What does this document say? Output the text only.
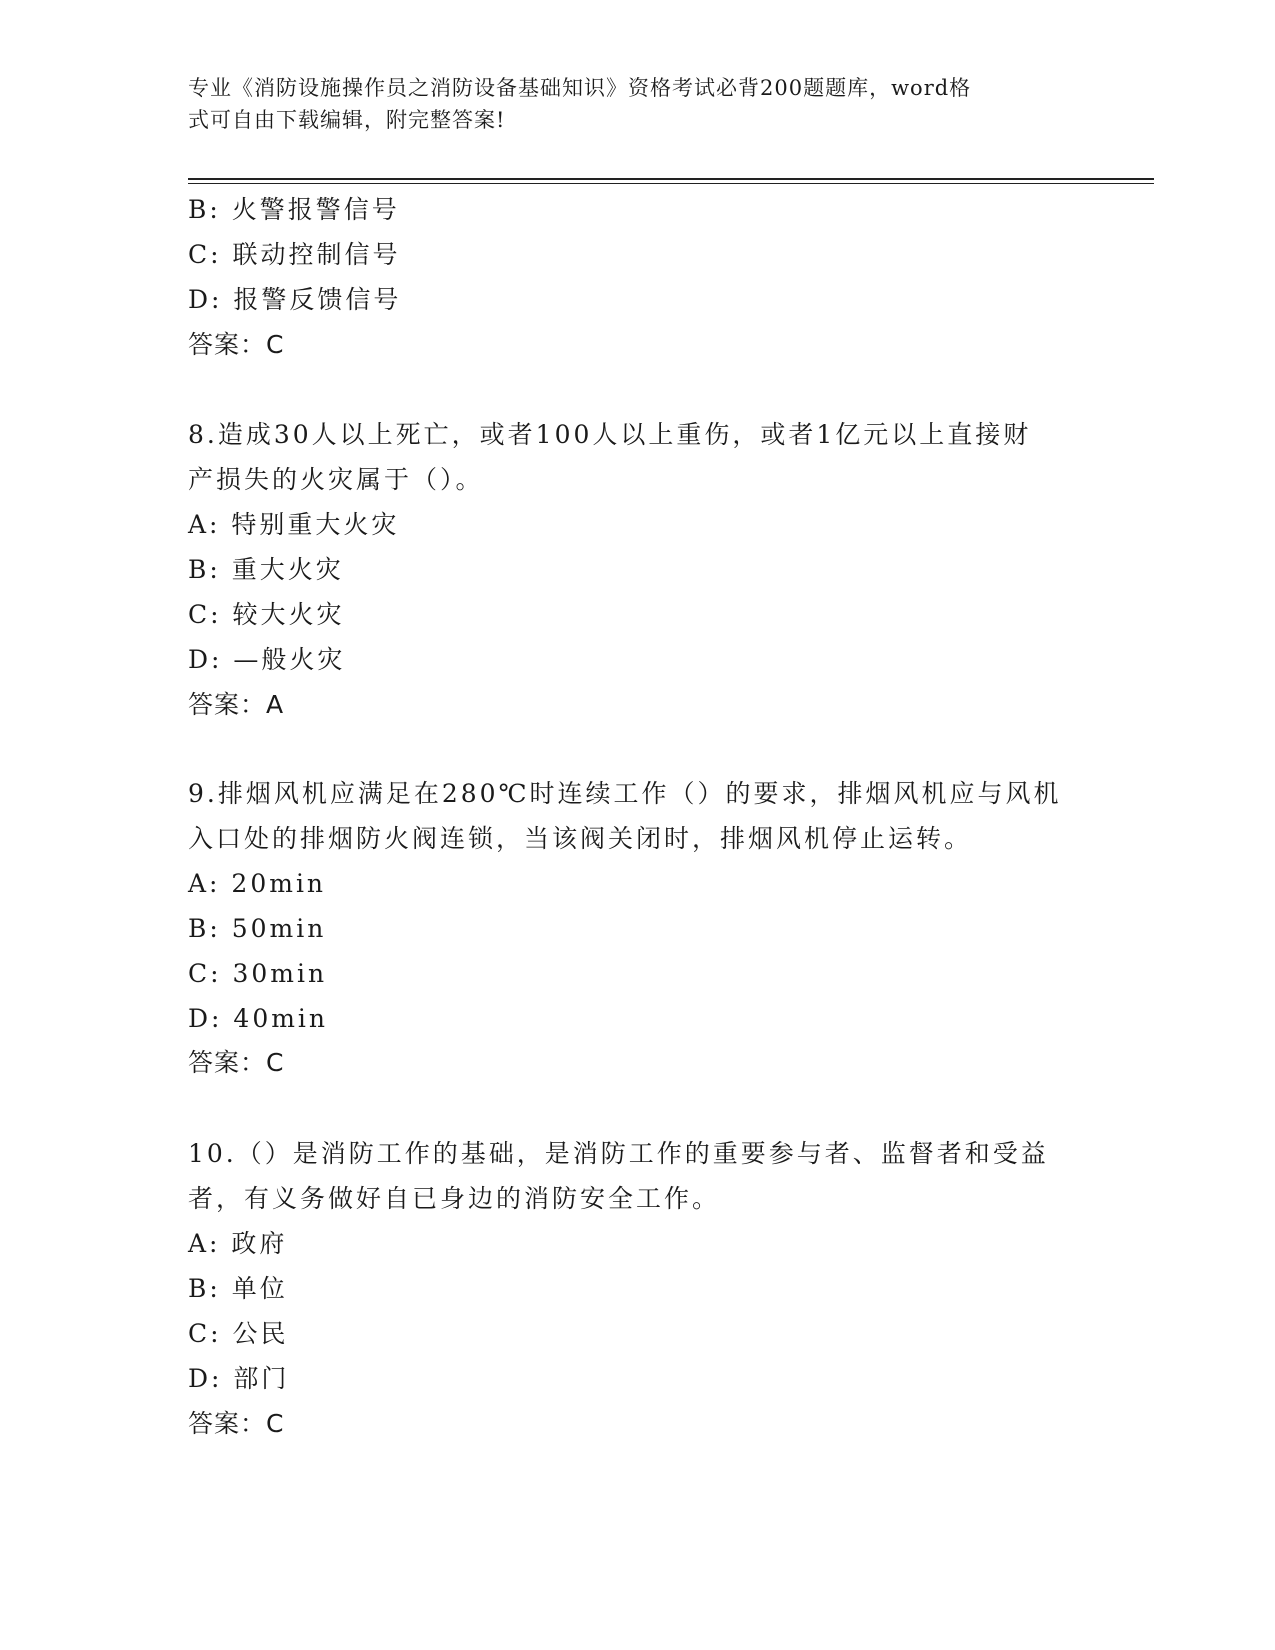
专业《消防设施操作员之消防设备基础知识》资格考试必背200题题库，word格
式可自由下载编辑，附完整答案!
B: 火警报警信号
C: 联动控制信号
D: 报警反馈信号
答案：C
8.造成30人以上死亡，或者100人以上重伤，或者1亿元以上直接财
产损失的火灾属于（）。
A: 特别重大火灾
B: 重大火灾
C: 较大火灾
D: —般火灾
答案：A
9.排烟风机应满足在280℃时连续工作（）的要求，排烟风机应与风机
入口处的排烟防火阀连锁，当该阀关闭时，排烟风机停止运转。
A: 20min
B: 50min
C: 30min
D: 40min
答案：C
10.（）是消防工作的基础，是消防工作的重要参与者、监督者和受益
者，有义务做好自已身边的消防安全工作。
A: 政府
B: 单位
C: 公民
D: 部门
答案：C
